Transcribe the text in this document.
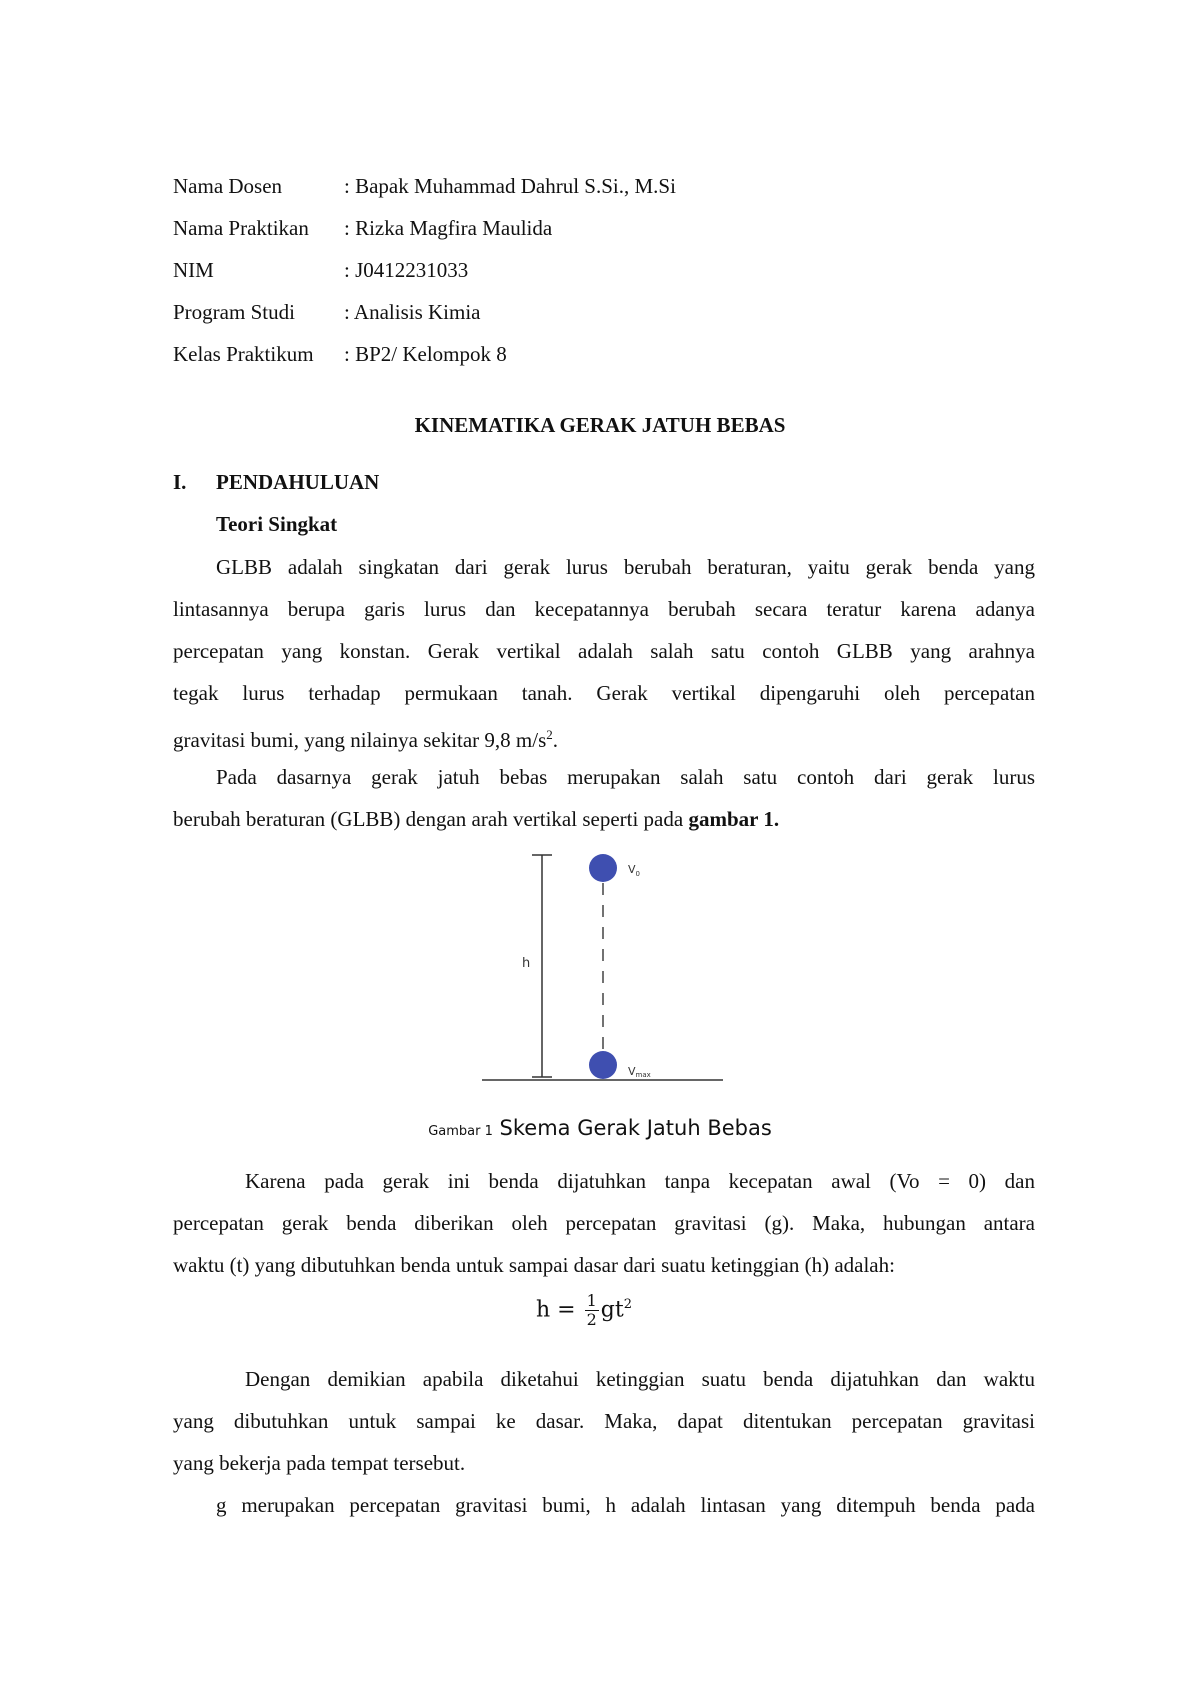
Nama Dosen	: Bapak Muhammad Dahrul S.Si., M.Si
Nama Praktikan : Rizka Magfira Maulida
NIM	: J0412231033
Program Studi : Analisis Kimia
Kelas Praktikum : BP2/ Kelompok 8
KINEMATIKA GERAK JATUH BEBAS
I. PENDAHULUAN
Teori Singkat
GLBB adalah singkatan dari gerak lurus berubah beraturan, yaitu gerak benda yang
lintasannya berupa garis lurus dan kecepatannya berubah secara teratur karena adanya
percepatan yang konstan. Gerak vertikal adalah salah satu contoh GLBB yang arahnya
tegak lurus terhadap permukaan tanah. Gerak vertikal dipengaruhi oleh percepatan
gravitasi bumi, yang nilainya sekitar 9,8 $m/s^2$.
Pada dasarnya gerak jatuh bebas merupakan salah satu contoh dari gerak lurus
berubah beraturan (GLBB) dengan arah vertikal seperti pada gambar 1.
h
$V_0$
Vmax
Gambar 1 Skema Gerak Jatuh Bebas
Karena pada gerak ini benda dijatuhkan tanpa kecepatan awal (Vo = 0) dan
percepatan gerak benda diberikan oleh percepatan gravitasi (g). Maka, hubungan antara
waktu (t) yang dibutuhkan benda untuk sampai dasar dari suatu ketinggian (h) adalah:
$h = \frac{1}{2} gt^2$
Dengan demikian apabila diketahui ketinggian suatu benda dijatuhkan dan waktu
yang dibutuhkan untuk sampai ke dasar. Maka, dapat ditentukan percepatan gravitasi
yang bekerja pada tempat tersebut.
g merupakan percepatan gravitasi bumi, h adalah lintasan yang ditempuh benda pada
